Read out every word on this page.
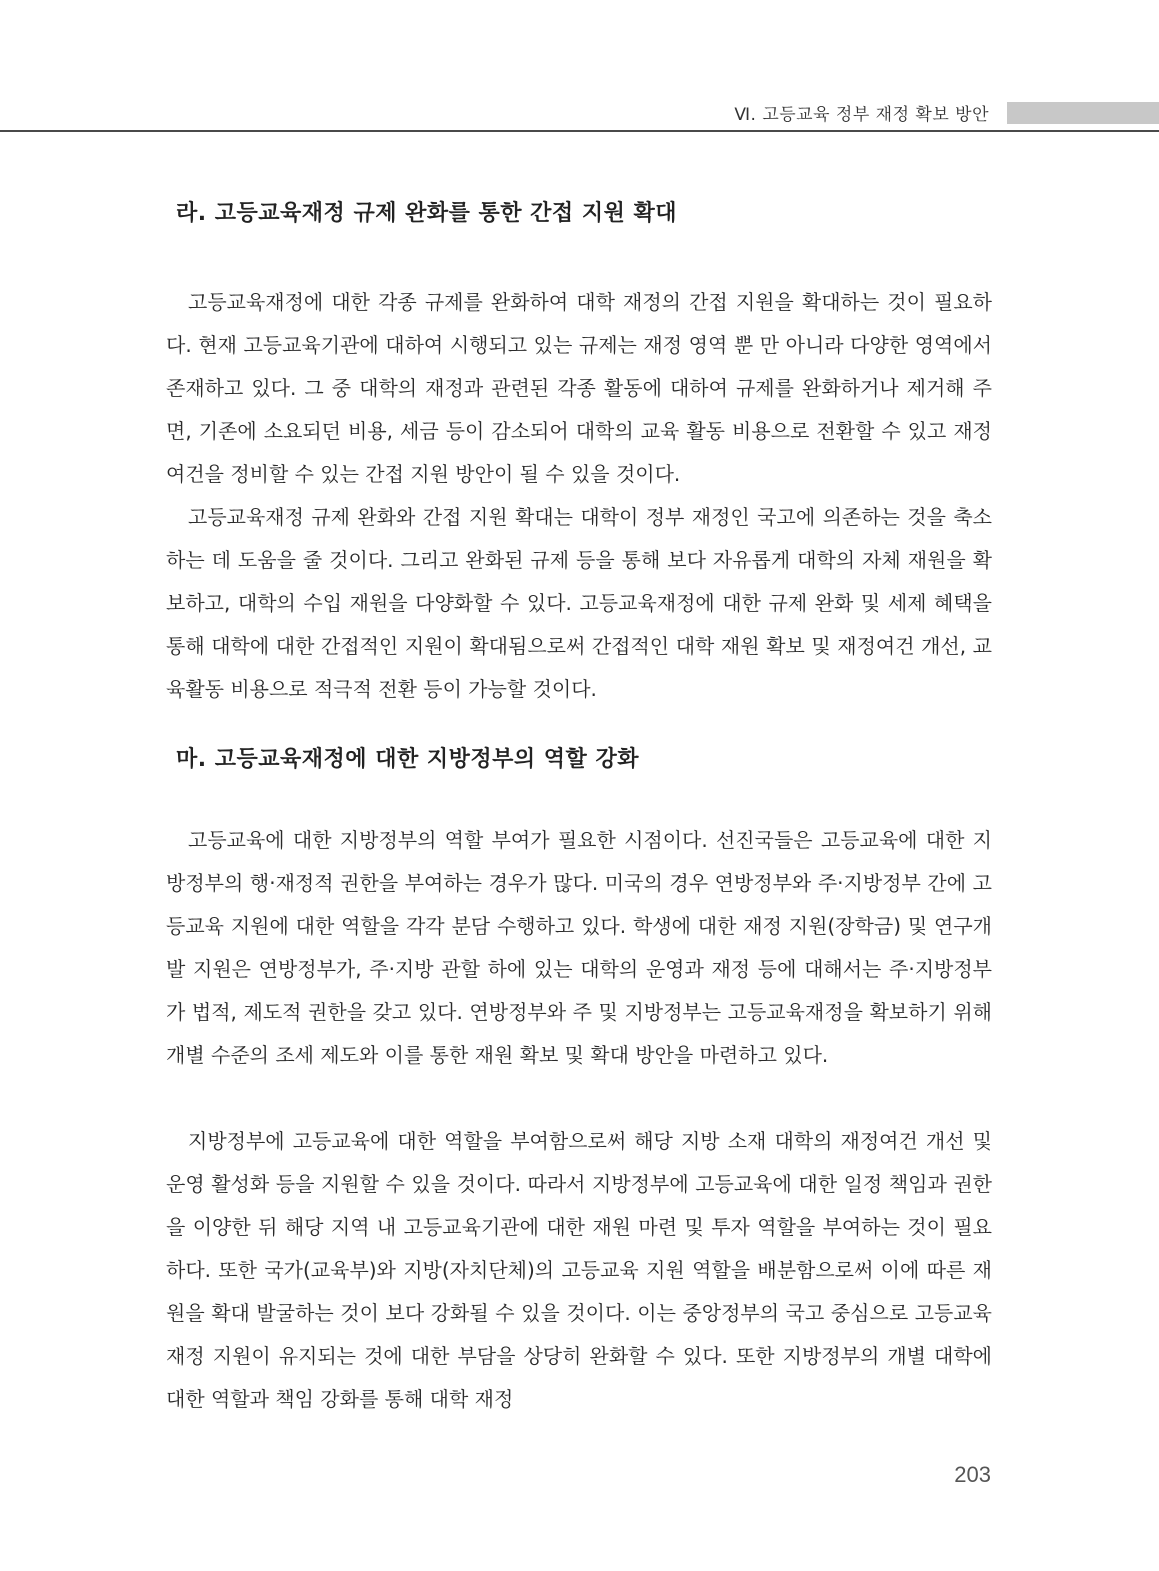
Ⅵ. 고등교육 정부 재정 확보 방안
라. 고등교육재정 규제 완화를 통한 간접 지원 확대

고등교육재정에 대한 각종 규제를 완화하여 대학 재정의 간접 지원을 확대하는 것이 필요하다. 현재 고등교육기관에 대하여 시행되고 있는 규제는 재정 영역 뿐 만 아니라 다양한 영역에서 존재하고 있다. 그 중 대학의 재정과 관련된 각종 활동에 대하여 규제를 완화하거나 제거해 주면, 기존에 소요되던 비용, 세금 등이 감소되어 대학의 교육 활동 비용으로 전환할 수 있고 재정여건을 정비할 수 있는 간접 지원 방안이 될 수 있을 것이다.

고등교육재정 규제 완화와 간접 지원 확대는 대학이 정부 재정인 국고에 의존하는 것을 축소하는 데 도움을 줄 것이다. 그리고 완화된 규제 등을 통해 보다 자유롭게 대학의 자체 재원을 확보하고, 대학의 수입 재원을 다양화할 수 있다. 고등교육재정에 대한 규제 완화 및 세제 혜택을 통해 대학에 대한 간접적인 지원이 확대됨으로써 간접적인 대학 재원 확보 및 재정여건 개선, 교육활동 비용으로 적극적 전환 등이 가능할 것이다.

마. 고등교육재정에 대한 지방정부의 역할 강화

고등교육에 대한 지방정부의 역할 부여가 필요한 시점이다. 선진국들은 고등교육에 대한 지방정부의 행·재정적 권한을 부여하는 경우가 많다. 미국의 경우 연방정부와 주·지방정부 간에 고등교육 지원에 대한 역할을 각각 분담 수행하고 있다. 학생에 대한 재정 지원(장학금) 및 연구개발 지원은 연방정부가, 주·지방 관할 하에 있는 대학의 운영과 재정 등에 대해서는 주·지방정부가 법적, 제도적 권한을 갖고 있다. 연방정부와 주 및 지방정부는 고등교육재정을 확보하기 위해 개별 수준의 조세 제도와 이를 통한 재원 확보 및 확대 방안을 마련하고 있다.

지방정부에 고등교육에 대한 역할을 부여함으로써 해당 지방 소재 대학의 재정여건 개선 및 운영 활성화 등을 지원할 수 있을 것이다. 따라서 지방정부에 고등교육에 대한 일정 책임과 권한을 이양한 뒤 해당 지역 내 고등교육기관에 대한 재원 마련 및 투자 역할을 부여하는 것이 필요하다. 또한 국가(교육부)와 지방(자치단체)의 고등교육 지원 역할을 배분함으로써 이에 따른 재원을 확대 발굴하는 것이 보다 강화될 수 있을 것이다. 이는 중앙정부의 국고 중심으로 고등교육재정 지원이 유지되는 것에 대한 부담을 상당히 완화할 수 있다. 또한 지방정부의 개별 대학에 대한 역할과 책임 강화를 통해 대학 재정

203
